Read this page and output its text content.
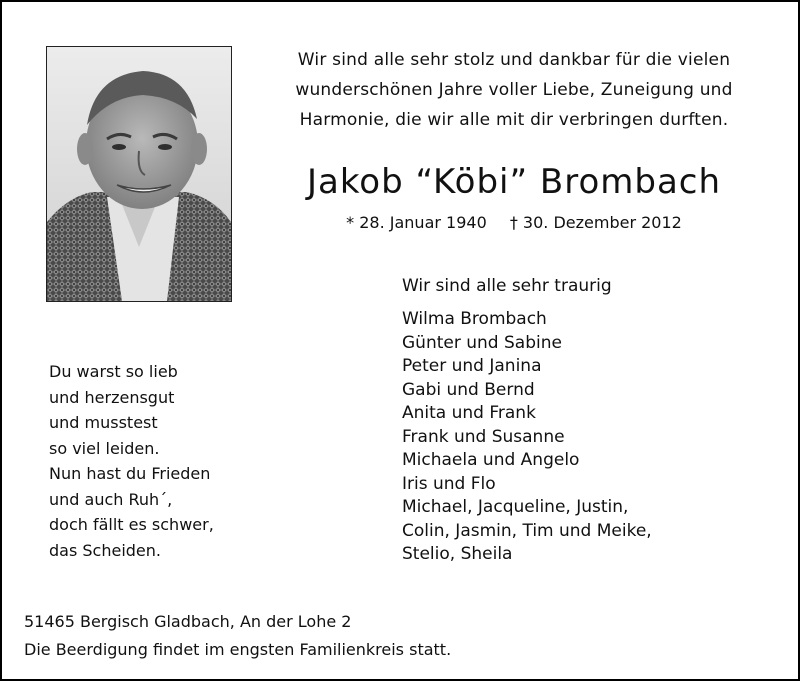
Wir sind alle sehr stolz und dankbar für die vielen
wunderschönen Jahre voller Liebe, Zuneigung und
Harmonie, die wir alle mit dir verbringen durften.
Jakob “Köbi” Brombach
* 28. Januar 1940 † 30. Dezember 2012
Wir sind alle sehr traurig
Wilma Brombach
Günter und Sabine
Peter und Janina
Gabi und Bernd
Anita und Frank
Frank und Susanne
Michaela und Angelo
Iris und Flo
Michael, Jacqueline, Justin,
Colin, Jasmin, Tim und Meike,
Stelio, Sheila
Du warst so lieb
und herzensgut
und musstest
so viel leiden.
Nun hast du Frieden
und auch Ruh´,
doch fällt es schwer,
das Scheiden.
51465 Bergisch Gladbach, An der Lohe 2
Die Beerdigung findet im engsten Familienkreis statt.
